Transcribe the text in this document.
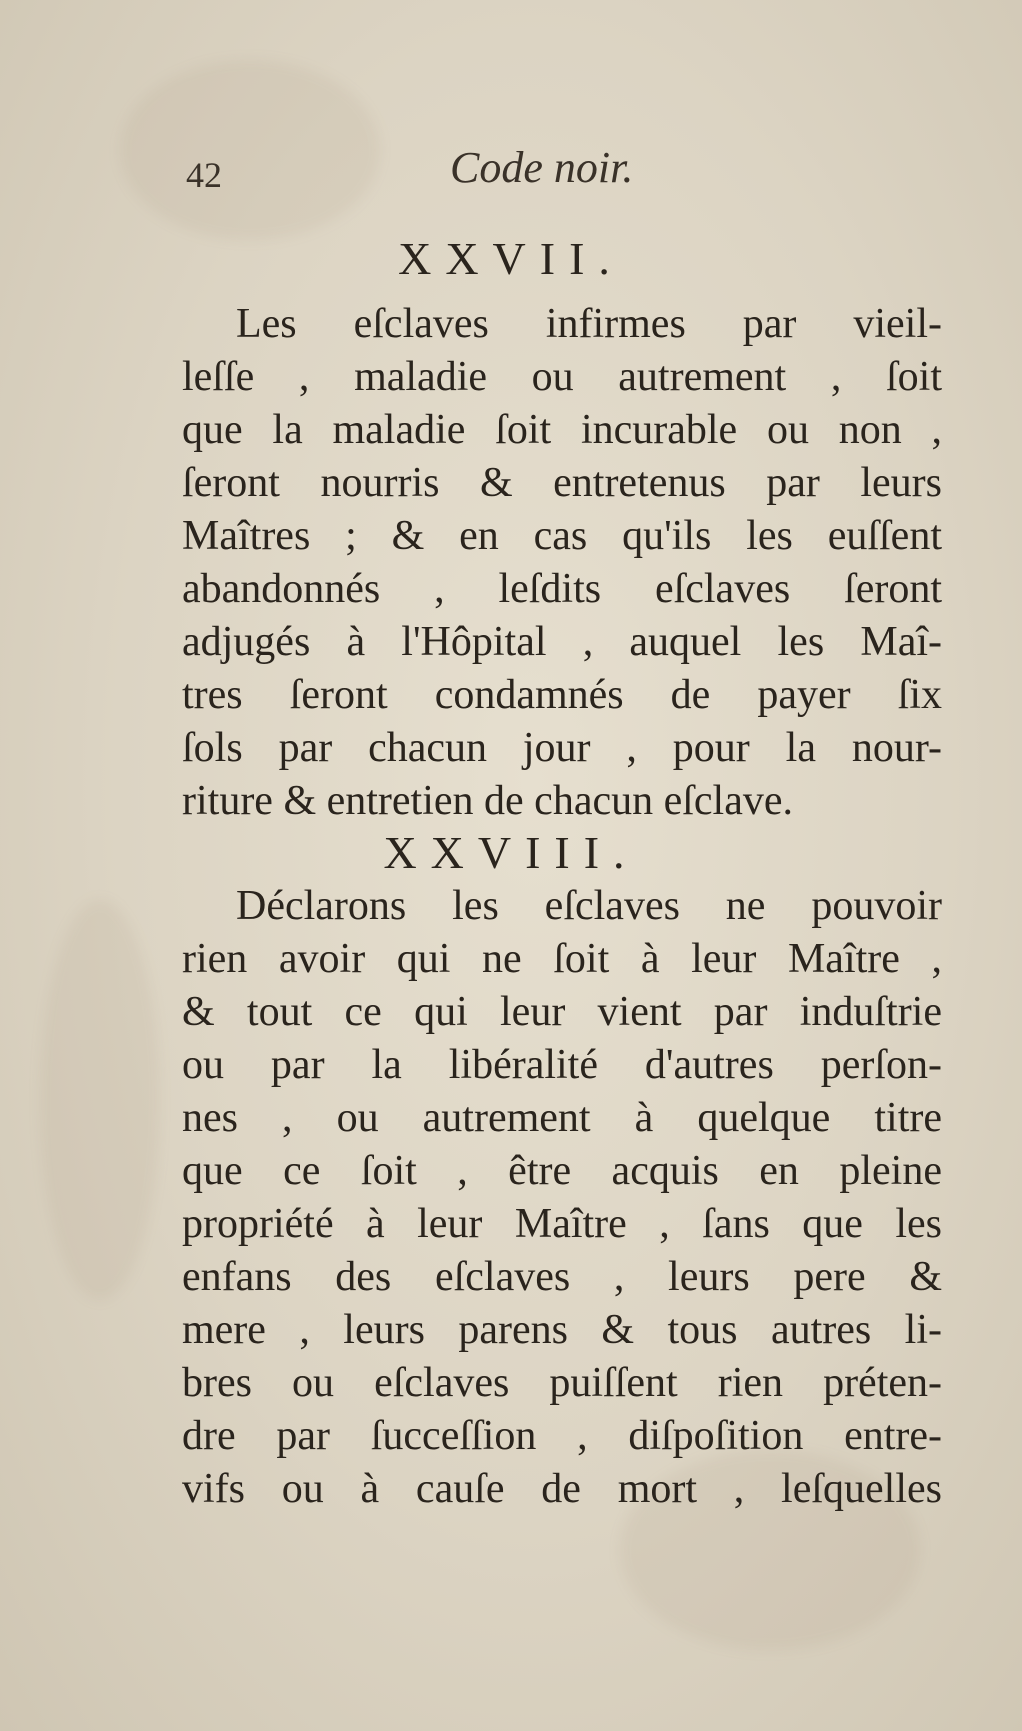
42	Code noir.
XXVII.
Les eſclaves infirmes par vieil-
leſſe , maladie ou autrement , ſoit
que la maladie ſoit incurable ou non ,
ſeront nourris & entretenus par leurs
Maîtres ; & en cas qu'ils les euſſent
abandonnés , leſdits eſclaves ſeront
adjugés à l'Hôpital , auquel les Maî-
tres ſeront condamnés de payer ſix
ſols par chacun jour , pour la nour-
riture & entretien de chacun eſclave.
XXVIII.
Déclarons les eſclaves ne pouvoir
rien avoir qui ne ſoit à leur Maître ,
& tout ce qui leur vient par induſtrie
ou par la libéralité d'autres perſon-
nes , ou autrement à quelque titre
que ce ſoit , être acquis en pleine
propriété à leur Maître , ſans que les
enfans des eſclaves , leurs pere &
mere , leurs parens & tous autres li-
bres ou eſclaves puiſſent rien préten-
dre par ſucceſſion , diſpoſition entre-
vifs ou à cauſe de mort , leſquelles
